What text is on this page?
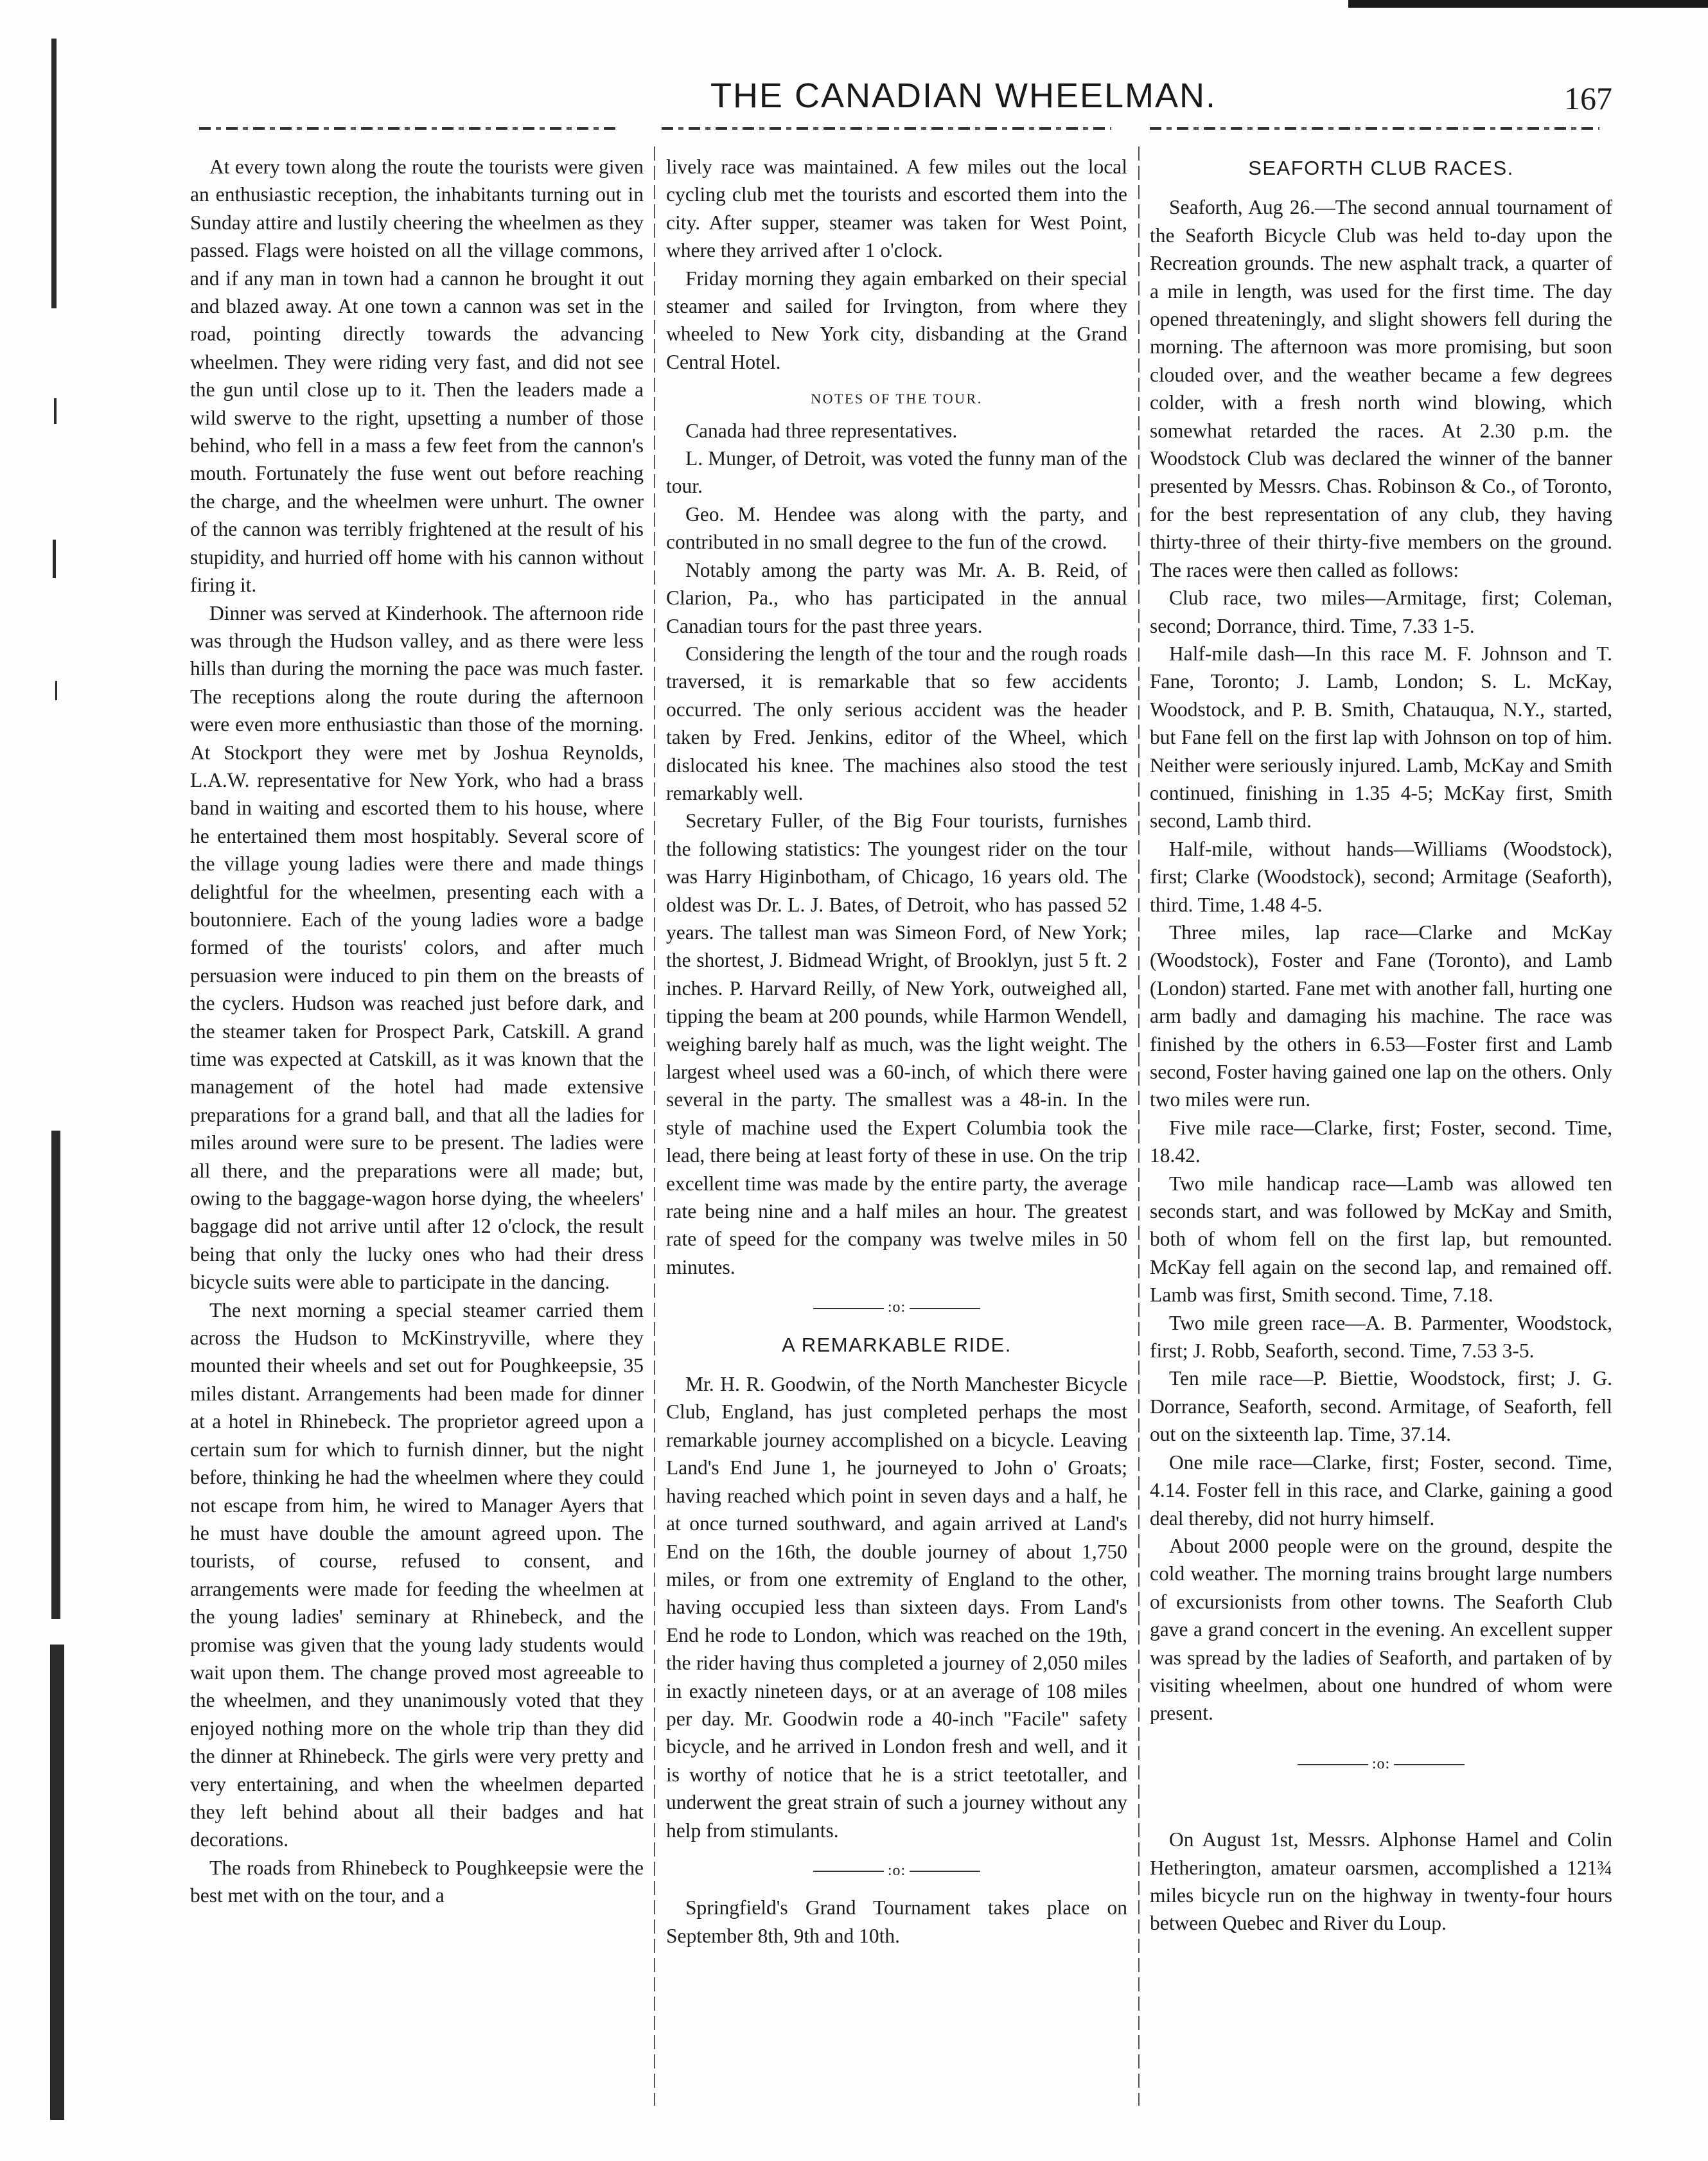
THE CANADIAN WHEELMAN.	167

At every town along the route the tourists were given an enthusiastic reception, the inhabitants turning out in Sunday attire and lustily cheering the wheelmen as they passed. Flags were hoisted on all the village commons, and if any man in town had a cannon he brought it out and blazed away. At one town a cannon was set in the road, pointing directly towards the advancing wheelmen. They were riding very fast, and did not see the gun until close up to it. Then the leaders made a wild swerve to the right, upsetting a number of those behind, who fell in a mass a few feet from the cannon's mouth. Fortunately the fuse went out before reaching the charge, and the wheelmen were unhurt. The owner of the cannon was terribly frightened at the result of his stupidity, and hurried off home with his cannon without firing it.

Dinner was served at Kinderhook. The afternoon ride was through the Hudson valley, and as there were less hills than during the morning the pace was much faster. The receptions along the route during the afternoon were even more enthusiastic than those of the morning. At Stockport they were met by Joshua Reynolds, L.A.W. representative for New York, who had a brass band in waiting and escorted them to his house, where he entertained them most hospitably. Several score of the village young ladies were there and made things delightful for the wheelmen, presenting each with a boutonniere. Each of the young ladies wore a badge formed of the tourists' colors, and after much persuasion were induced to pin them on the breasts of the cyclers. Hudson was reached just before dark, and the steamer taken for Prospect Park, Catskill. A grand time was expected at Catskill, as it was known that the management of the hotel had made extensive preparations for a grand ball, and that all the ladies for miles around were sure to be present. The ladies were all there, and the preparations were all made; but, owing to the baggage-wagon horse dying, the wheelers' baggage did not arrive until after 12 o'clock, the result being that only the lucky ones who had their dress bicycle suits were able to participate in the dancing.

The next morning a special steamer carried them across the Hudson to McKinstryville, where they mounted their wheels and set out for Poughkeepsie, 35 miles distant. Arrangements had been made for dinner at a hotel in Rhinebeck. The proprietor agreed upon a certain sum for which to furnish dinner, but the night before, thinking he had the wheelmen where they could not escape from him, he wired to Manager Ayers that he must have double the amount agreed upon. The tourists, of course, refused to consent, and arrangements were made for feeding the wheelmen at the young ladies' seminary at Rhinebeck, and the promise was given that the young lady students would wait upon them. The change proved most agreeable to the wheelmen, and they unanimously voted that they enjoyed nothing more on the whole trip than they did the dinner at Rhinebeck. The girls were very pretty and very entertaining, and when the wheelmen departed they left behind about all their badges and hat decorations.

The roads from Rhinebeck to Poughkeepsie were the best met with on the tour, and a

lively race was maintained. A few miles out the local cycling club met the tourists and escorted them into the city. After supper, steamer was taken for West Point, where they arrived after 1 o'clock.

Friday morning they again embarked on their special steamer and sailed for Irvington, from where they wheeled to New York city, disbanding at the Grand Central Hotel.

NOTES OF THE TOUR.

Canada had three representatives.

L. Munger, of Detroit, was voted the funny man of the tour.

Geo. M. Hendee was along with the party, and contributed in no small degree to the fun of the crowd.

Notably among the party was Mr. A. B. Reid, of Clarion, Pa., who has participated in the annual Canadian tours for the past three years.

Considering the length of the tour and the rough roads traversed, it is remarkable that so few accidents occurred. The only serious accident was the header taken by Fred. Jenkins, editor of the Wheel, which dislocated his knee. The machines also stood the test remarkably well.

Secretary Fuller, of the Big Four tourists, furnishes the following statistics: The youngest rider on the tour was Harry Higinbotham, of Chicago, 16 years old. The oldest was Dr. L. J. Bates, of Detroit, who has passed 52 years. The tallest man was Simeon Ford, of New York; the shortest, J. Bidmead Wright, of Brooklyn, just 5 ft. 2 inches. P. Harvard Reilly, of New York, outweighed all, tipping the beam at 200 pounds, while Harmon Wendell, weighing barely half as much, was the light weight. The largest wheel used was a 60-inch, of which there were several in the party. The smallest was a 48-in. In the style of machine used the Expert Columbia took the lead, there being at least forty of these in use. On the trip excellent time was made by the entire party, the average rate being nine and a half miles an hour. The greatest rate of speed for the company was twelve miles in 50 minutes.

:o:
A REMARKABLE RIDE.

Mr. H. R. Goodwin, of the North Manchester Bicycle Club, England, has just completed perhaps the most remarkable journey accomplished on a bicycle. Leaving Land's End June 1, he journeyed to John o' Groats; having reached which point in seven days and a half, he at once turned southward, and again arrived at Land's End on the 16th, the double journey of about 1,750 miles, or from one extremity of England to the other, having occupied less than sixteen days. From Land's End he rode to London, which was reached on the 19th, the rider having thus completed a journey of 2,050 miles in exactly nineteen days, or at an average of 108 miles per day. Mr. Goodwin rode a 40-inch "Facile" safety bicycle, and he arrived in London fresh and well, and it is worthy of notice that he is a strict teetotaller, and underwent the great strain of such a journey without any help from stimulants.

:o:

Springfield's Grand Tournament takes place on September 8th, 9th and 10th.

SEAFORTH CLUB RACES.

Seaforth, Aug 26.—The second annual tournament of the Seaforth Bicycle Club was held to-day upon the Recreation grounds. The new asphalt track, a quarter of a mile in length, was used for the first time. The day opened threateningly, and slight showers fell during the morning. The afternoon was more promising, but soon clouded over, and the weather became a few degrees colder, with a fresh north wind blowing, which somewhat retarded the races. At 2.30 p.m. the Woodstock Club was declared the winner of the banner presented by Messrs. Chas. Robinson & Co., of Toronto, for the best representation of any club, they having thirty-three of their thirty-five members on the ground. The races were then called as follows:

Club race, two miles—Armitage, first; Coleman, second; Dorrance, third. Time, 7.33 1-5.

Half-mile dash—In this race M. F. Johnson and T. Fane, Toronto; J. Lamb, London; S. L. McKay, Woodstock, and P. B. Smith, Chatauqua, N.Y., started, but Fane fell on the first lap with Johnson on top of him. Neither were seriously injured. Lamb, McKay and Smith continued, finishing in 1.35 4-5; McKay first, Smith second, Lamb third.

Half-mile, without hands—Williams (Woodstock), first; Clarke (Woodstock), second; Armitage (Seaforth), third. Time, 1.48 4-5.

Three miles, lap race—Clarke and McKay (Woodstock), Foster and Fane (Toronto), and Lamb (London) started. Fane met with another fall, hurting one arm badly and damaging his machine. The race was finished by the others in 6.53—Foster first and Lamb second, Foster having gained one lap on the others. Only two miles were run.

Five mile race—Clarke, first; Foster, second. Time, 18.42.

Two mile handicap race—Lamb was allowed ten seconds start, and was followed by McKay and Smith, both of whom fell on the first lap, but remounted. McKay fell again on the second lap, and remained off. Lamb was first, Smith second. Time, 7.18.

Two mile green race—A. B. Parmenter, Woodstock, first; J. Robb, Seaforth, second. Time, 7.53 3-5.

Ten mile race—P. Biettie, Woodstock, first; J. G. Dorrance, Seaforth, second. Armitage, of Seaforth, fell out on the sixteenth lap. Time, 37.14.

One mile race—Clarke, first; Foster, second. Time, 4.14. Foster fell in this race, and Clarke, gaining a good deal thereby, did not hurry himself.

About 2000 people were on the ground, despite the cold weather. The morning trains brought large numbers of excursionists from other towns. The Seaforth Club gave a grand concert in the evening. An excellent supper was spread by the ladies of Seaforth, and partaken of by visiting wheelmen, about one hundred of whom were present.

:o:

On August 1st, Messrs. Alphonse Hamel and Colin Hetherington, amateur oarsmen, accomplished a 121¾ miles bicycle run on the highway in twenty-four hours between Quebec and River du Loup.
